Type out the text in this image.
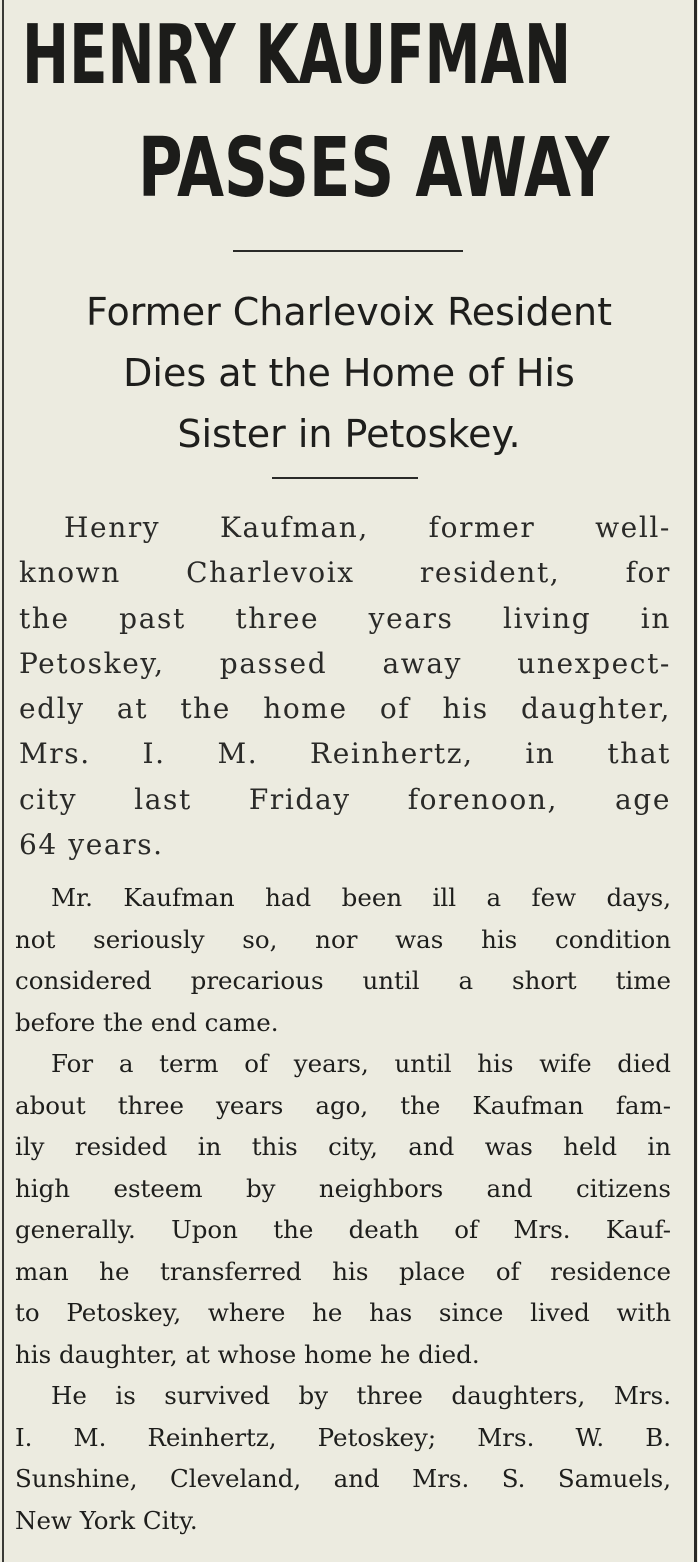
HENRY KAUFMAN
PASSES AWAY
Former Charlevoix Resident
Dies at the Home of His
Sister in Petoskey.
Henry Kaufman, former well-
known Charlevoix resident, for
the past three years living in
Petoskey, passed away unexpect-
edly at the home of his daughter,
Mrs. I. M. Reinhertz, in that
city last Friday forenoon, age
64 years.
Mr. Kaufman had been ill a few days,
not seriously so, nor was his condition
considered precarious until a short time
before the end came.
For a term of years, until his wife died
about three years ago, the Kaufman fam-
ily resided in this city, and was held in
high esteem by neighbors and citizens
generally. Upon the death of Mrs. Kauf-
man he transferred his place of residence
to Petoskey, where he has since lived with
his daughter, at whose home he died.
He is survived by three daughters, Mrs.
I. M. Reinhertz, Petoskey; Mrs. W. B.
Sunshine, Cleveland, and Mrs. S. Samuels,
New York City.
